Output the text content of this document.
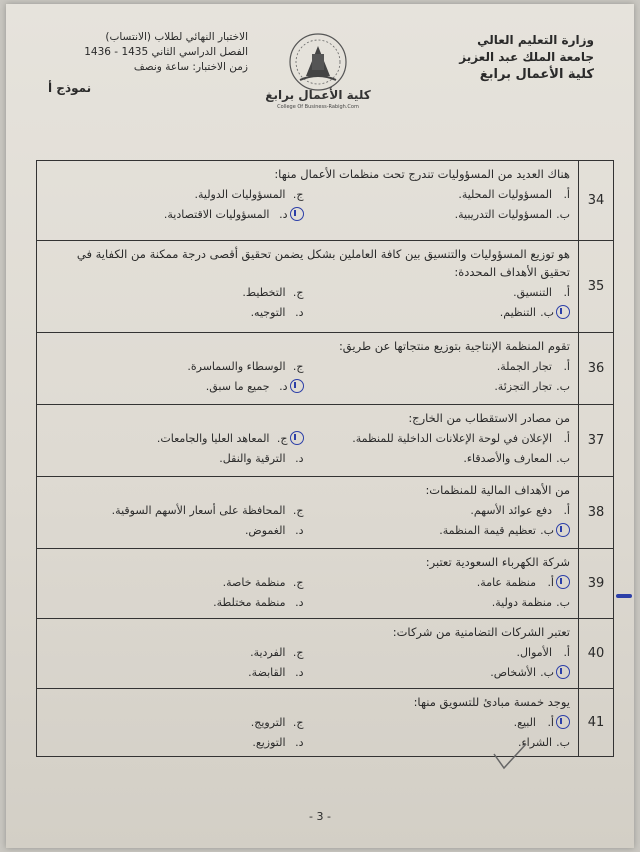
وزارة التعليم العالي
جامعة الملك عبد العزيز
كلية الأعمال برابغ
كلية الأعمال برابغ
College Of Business-Rabigh.Com
الاختبار النهائي لطلاب (الانتساب)
الفصل الدراسي الثاني 1435 - 1436
زمن الاختبار: ساعة ونصف
نموذج أ
34	هناك العديد من المسؤوليات تندرج تحت منظمات الأعمال منها:
أ.المسؤوليات المحلية.
ج.المسؤوليات الدولية.
ب.المسؤوليات التدريبية.
د.المسؤوليات الاقتصادية.

35	هو توزيع المسؤوليات والتنسيق بين كافة العاملين بشكل يضمن تحقيق أقصى درجة ممكنة من الكفاية في تحقيق الأهداف المحددة:
أ.التنسيق.
ج.التخطيط.
ب.التنظيم.
د.التوجيه.

36	تقوم المنظمة الإنتاجية بتوزيع منتجاتها عن طريق:
أ.تجار الجملة.
ج.الوسطاء والسماسرة.
ب.تجار التجزئة.
د.جميع ما سبق.

37	من مصادر الاستقطاب من الخارج:
أ.الإعلان في لوحة الإعلانات الداخلية للمنظمة.
ج.المعاهد العليا والجامعات.
ب.المعارف والأصدقاء.
د.الترقية والنقل.

38	من الأهداف المالية للمنظمات:
أ.دفع عوائد الأسهم.
ج.المحافظة على أسعار الأسهم السوقية.
ب.تعظيم قيمة المنظمة.
د.الغموض.

39	شركة الكهرباء السعودية تعتبر:
أ.منظمة عامة.
ج.منظمة خاصة.
ب.منظمة دولية.
د.منظمة مختلطة.

40	تعتبر الشركات التضامنية من شركات:
أ.الأموال.
ج.الفردية.
ب.الأشخاص.
د.القابضة.

41	يوجد خمسة مبادئ للتسويق منها:
أ.البيع.
ج.الترويج.
ب.الشراء.
د.التوزيع.
- 3 -
